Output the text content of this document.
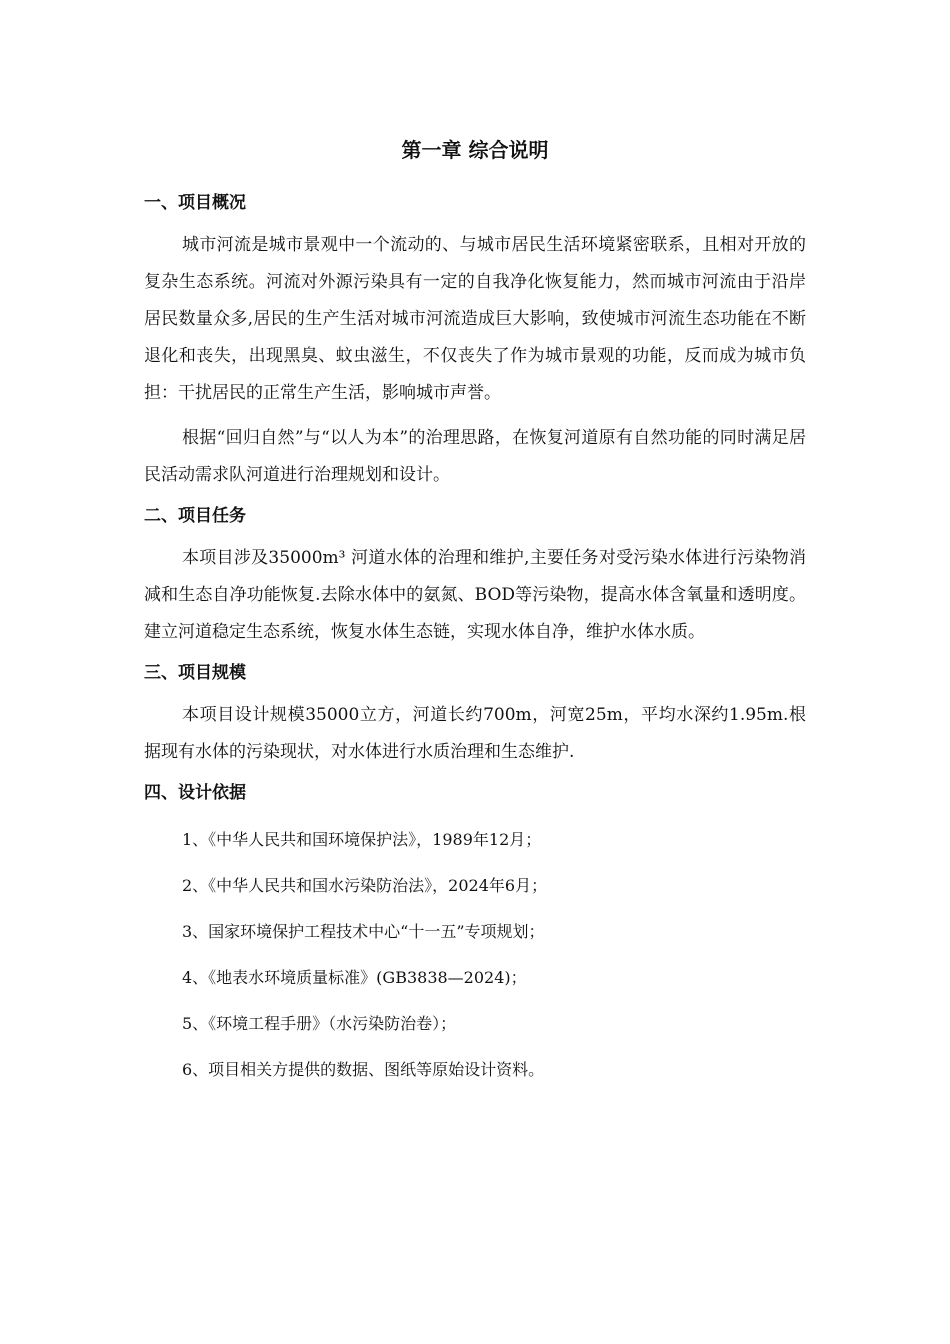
第一章 综合说明
一、项目概况

城市河流是城市景观中一个流动的、与城市居民生活环境紧密联系，且相对开放的复杂生态系统。河流对外源污染具有一定的自我净化恢复能力，然而城市河流由于沿岸居民数量众多,居民的生产生活对城市河流造成巨大影响，致使城市河流生态功能在不断退化和丧失，出现黑臭、蚊虫滋生，不仅丧失了作为城市景观的功能，反而成为城市负担：干扰居民的正常生产生活，影响城市声誉。

根据“回归自然”与“以人为本”的治理思路，在恢复河道原有自然功能的同时满足居民活动需求队河道进行治理规划和设计。

二、项目任务

本项目涉及35000m³ 河道水体的治理和维护,主要任务对受污染水体进行污染物消减和生态自净功能恢复.去除水体中的氨氮、BOD等污染物，提高水体含氧量和透明度。建立河道稳定生态系统，恢复水体生态链，实现水体自净，维护水体水质。

三、项目规模

本项目设计规模35000立方，河道长约700m，河宽25m，平均水深约1.95m.根据现有水体的污染现状，对水体进行水质治理和生态维护.

四、设计依据
1、《中华人民共和国环境保护法》，1989年12月；
2、《中华人民共和国水污染防治法》，2024年6月；
3、国家环境保护工程技术中心“十一五”专项规划；
4、《地表水环境质量标准》(GB3838—2024)；
5、《环境工程手册》（水污染防治卷）；
6、项目相关方提供的数据、图纸等原始设计资料。
